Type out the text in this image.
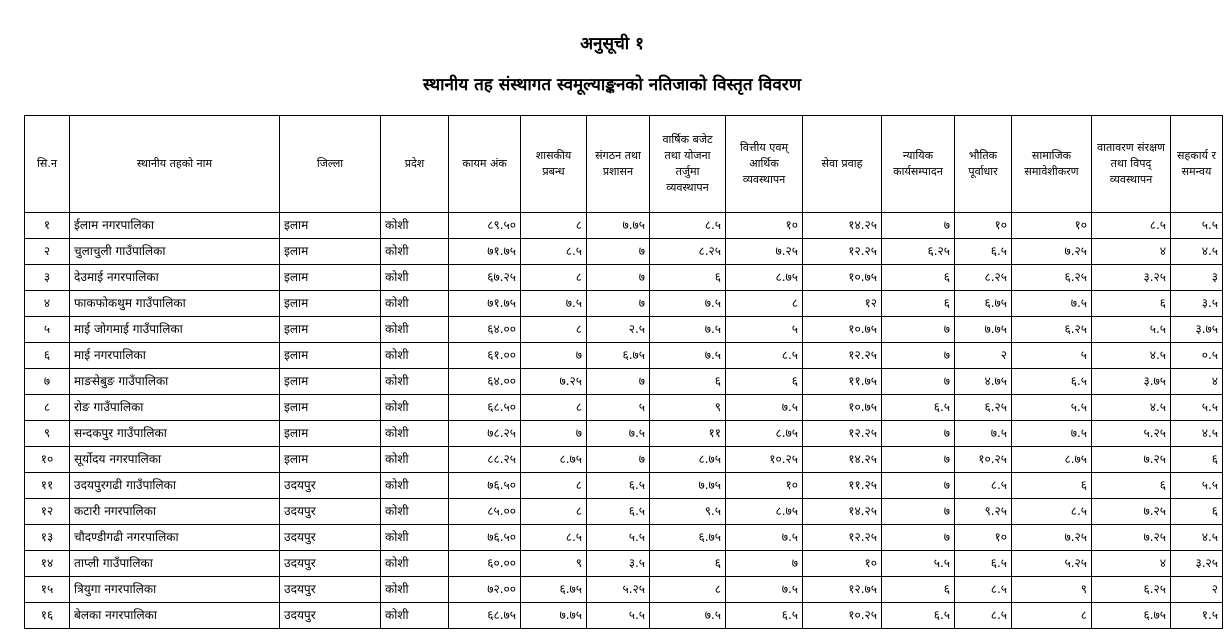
अनुसूची १
स्थानीय तह संस्थागत स्वमूल्याङ्कनको नतिजाको विस्तृत विवरण
सि.न	स्थानीय तहको नाम	जिल्ला	प्रदेश	कायम अंक	शासकीय प्रबन्ध	संगठन तथा प्रशासन	वार्षिक बजेट तथा योजना तर्जुमा व्यवस्थापन	वित्तीय एवम् आर्थिक व्यवस्थापन	सेवा प्रवाह	न्यायिक कार्यसम्पादन	भौतिक पूर्वाधार	सामाजिक समावेशीकरण	वातावरण संरक्षण तथा विपद् व्यवस्थापन	सहकार्य र समन्वय
१	ईलाम नगरपालिका	इलाम	कोशी	८९.५०	८	७.७५	८.५	१०	१४.२५	७	१०	१०	८.५	५.५
२	चुलाचुली गाउँपालिका	इलाम	कोशी	७१.७५	८.५	७	८.२५	७.२५	१२.२५	६.२५	६.५	७.२५	४	४.५
३	देउमाई नगरपालिका	इलाम	कोशी	६७.२५	८	७	६	८.७५	१०.७५	६	८.२५	६.२५	३.२५	३
४	फाकफोकथुम गाउँपालिका	इलाम	कोशी	७१.७५	७.५	७	७.५	८	१२	६	६.७५	७.५	६	३.५
५	माई जोगमाई गाउँपालिका	इलाम	कोशी	६४.००	८	२.५	७.५	५	१०.७५	७	७.७५	६.२५	५.५	३.७५
६	माई नगरपालिका	इलाम	कोशी	६१.००	७	६.७५	७.५	८.५	१२.२५	७	२	५	४.५	०.५
७	माङसेबुङ गाउँपालिका	इलाम	कोशी	६४.००	७.२५	७	६	६	११.७५	७	४.७५	६.५	३.७५	४
८	रोङ गाउँपालिका	इलाम	कोशी	६८.५०	८	५	९	७.५	१०.७५	६.५	६.२५	५.५	४.५	५.५
९	सन्दकपुर गाउँपालिका	इलाम	कोशी	७८.२५	७	७.५	११	८.७५	१२.२५	७	७.५	७.५	५.२५	४.५
१०	सूर्योदय नगरपालिका	इलाम	कोशी	८८.२५	८.७५	७	८.७५	१०.२५	१४.२५	७	१०.२५	८.७५	७.२५	६
११	उदयपुरगढी गाउँपालिका	उदयपुर	कोशी	७६.५०	८	६.५	७.७५	१०	११.२५	७	८.५	६	६	५.५
१२	कटारी नगरपालिका	उदयपुर	कोशी	८५.००	८	६.५	९.५	८.७५	१४.२५	७	९.२५	८.५	७.२५	६
१३	चौदण्डीगढी नगरपालिका	उदयपुर	कोशी	७६.५०	८.५	५.५	६.७५	७.५	१२.२५	७	१०	७.२५	७.२५	४.५
१४	ताप्ली गाउँपालिका	उदयपुर	कोशी	६०.००	९	३.५	६	७	१०	५.५	६.५	५.२५	४	३.२५
१५	त्रियुगा नगरपालिका	उदयपुर	कोशी	७२.००	६.७५	५.२५	८	७.५	१२.७५	६	८.५	९	६.२५	२
१६	बेलका नगरपालिका	उदयपुर	कोशी	६८.७५	७.७५	५.५	७.५	६.५	१०.२५	६.५	८.५	८	६.७५	१.५
